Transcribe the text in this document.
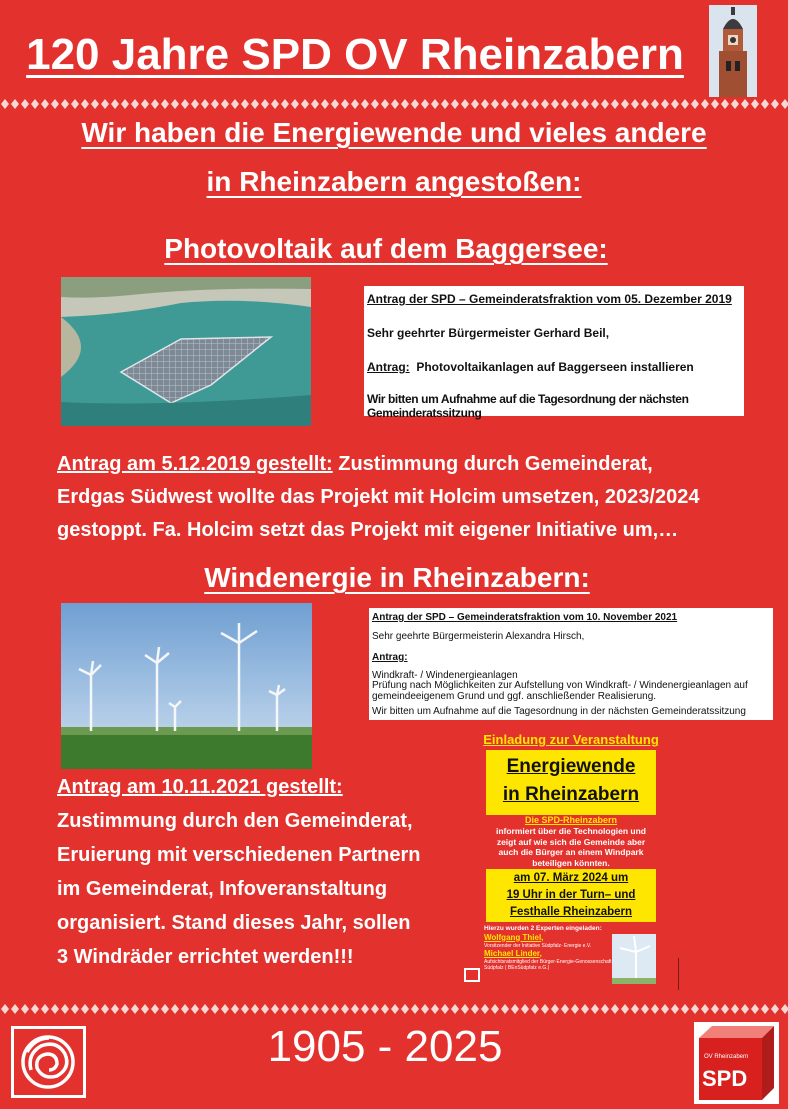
120 Jahre SPD OV Rheinzabern
Wir haben die Energiewende und vieles andere
in Rheinzabern angestoßen:
Photovoltaik auf dem Baggersee:
Antrag der SPD – Gemeinderatsfraktion vom 05. Dezember 2019
Sehr geehrter Bürgermeister Gerhard Beil,
Antrag: Photovoltaikanlagen auf Baggerseen installieren
Wir bitten um Aufnahme auf die Tagesordnung der nächsten Gemeinderatssitzung
Antrag am 5.12.2019 gestellt: Zustimmung durch Gemeinderat,
Erdgas Südwest wollte das Projekt mit Holcim umsetzen, 2023/2024
gestoppt. Fa. Holcim setzt das Projekt mit eigener Initiative um,…
Windenergie in Rheinzabern:
Antrag der SPD – Gemeinderatsfraktion vom 10. November 2021
Sehr geehrte Bürgermeisterin Alexandra Hirsch,
Antrag:
Windkraft- / Windenergieanlagen
Prüfung nach Möglichkeiten zur Aufstellung von Windkraft- / Windenergieanlagen auf gemeindeeigenem Grund und ggf. anschließender Realisierung.
Wir bitten um Aufnahme auf die Tagesordnung in der nächsten Gemeinderatssitzung
Antrag am 10.11.2021 gestellt:
Zustimmung durch den Gemeinderat,
Eruierung mit verschiedenen Partnern
im Gemeinderat, Infoveranstaltung
organisiert. Stand dieses Jahr, sollen
3 Windräder errichtet werden!!!
Einladung zur Veranstaltung
Energiewende
in Rheinzabern
Die SPD-Rheinzabern
informiert über die Technologien und zeigt auf wie sich die Gemeinde aber auch die Bürger an einem Windpark beteiligen könnten.
am 07. März 2024 um
19 Uhr in der Turn– und
Festhalle Rheinzabern
Hierzu wurden 2 Experten eingeladen:
Wolfgang Thiel,
Vorsitzender der Initiative Südpfalz- Energie e.V.
Michael Linder,
Aufsichtsratsmitglied der Bürger-Energie-Genossenschaft Südpfalz ( BEnSüdpfalz e.G.)
1905 - 2025	OV Rheinzabern
SPD
